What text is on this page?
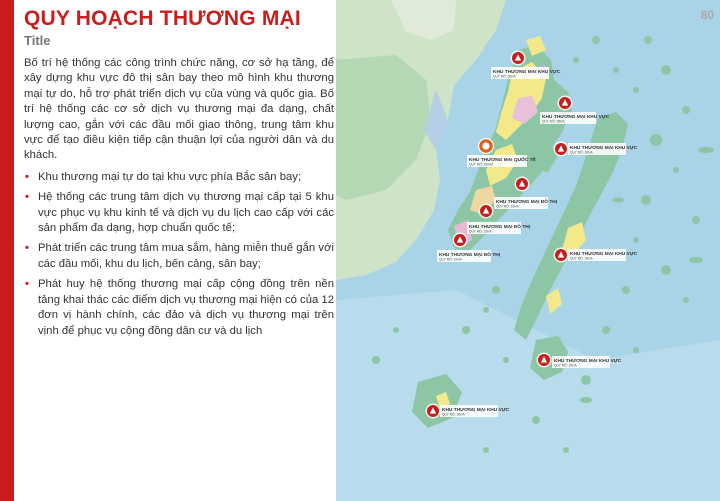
QUY HOẠCH THƯƠNG MẠI
Title

Bố trí hệ thống các công trình chức năng, cơ sở hạ tầng, để xây dựng khu vực đô thị sân bay theo mô hình khu thương mại tự do, hỗ trợ phát triển dịch vụ của vùng và quốc gia. Bố trí hệ thống các cơ sở dịch vụ thương mại đa dạng, chất lượng cao, gắn với các đầu mối giao thông, trung tâm khu vực để tạo điều kiện tiếp cận thuận lợi của người dân và du khách.

• Khu thương mại tự do tại khu vực phía Bắc sân bay;
• Hệ thống các trung tâm dịch vụ thương mại cấp tại 5 khu vực phục vụ khu kinh tế và dịch vụ du lịch cao cấp với các sản phẩm đa dạng, hợp chuẩn quốc tế;
• Phát triển các trung tâm mua sắm, hàng miễn thuế gắn với các đầu mối, khu du lịch, bến cảng, sân bay;
• Phát huy hệ thống thương mại cấp cộng đồng trên nền tảng khai thác các điểm dịch vụ thương mại hiện có của 12 đơn vị hành chính, các đảo và dịch vụ thương mại trên vịnh để phục vụ cộng đồng dân cư và du lịch
KHU THƯƠNG MẠI KHU VỰC
QUY MÔ: 30HA
KHU THƯƠNG MẠI KHU VỰC
QUY MÔ: 35HA
KHU THƯƠNG MẠI QUỐC TẾ
QUY MÔ: 200HA
KHU THƯƠNG MẠI KHU VỰC
QUY MÔ: 30HA
KHU THƯƠNG MẠI ĐÔ THỊ
QUY MÔ: 10HA
KHU THƯƠNG MẠI ĐÔ THỊ
QUY MÔ: 10HA
KHU THƯƠNG MẠI ĐÔ THỊ
QUY MÔ: 10HA
KHU THƯƠNG MẠI KHU VỰC
QUY MÔ: 30HA
KHU THƯƠNG MẠI KHU VỰC
QUY MÔ: 30HA
KHU THƯƠNG MẠI KHU VỰC
QUY MÔ: 30HA
80
